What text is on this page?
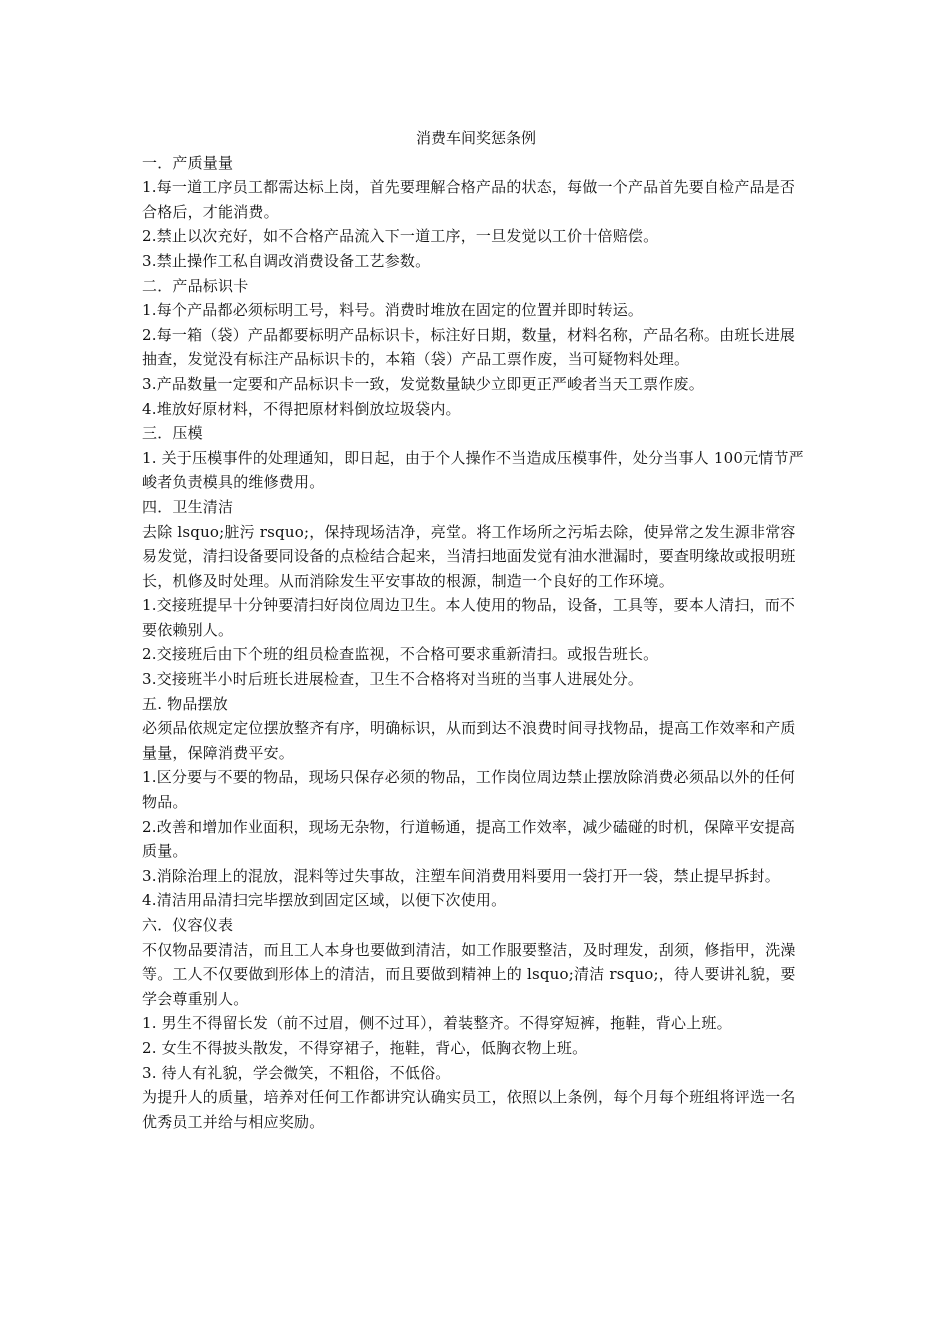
消费车间奖惩条例

一．产质量量

1.每一道工序员工都需达标上岗，首先要理解合格产品的状态，每做一个产品首先要自检产品是否合格后，才能消费。

2.禁止以次充好，如不合格产品流入下一道工序，一旦发觉以工价十倍赔偿。

3.禁止操作工私自调改消费设备工艺参数。

二．产品标识卡

1.每个产品都必须标明工号，料号。消费时堆放在固定的位置并即时转运。

2.每一箱（袋）产品都要标明产品标识卡，标注好日期，数量，材料名称，产品名称。由班长进展抽查，发觉没有标注产品标识卡的，本箱（袋）产品工票作废，当可疑物料处理。

3.产品数量一定要和产品标识卡一致，发觉数量缺少立即更正严峻者当天工票作废。

4.堆放好原材料，不得把原材料倒放垃圾袋内。

三．压模

1. 关于压模事件的处理通知，即日起，由于个人操作不当造成压模事件，处分当事人 100元情节严峻者负责模具的维修费用。

四．卫生清洁

去除 lsquo;脏污 rsquo;，保持现场洁净，亮堂。将工作场所之污垢去除，使异常之发生源非常容易发觉，清扫设备要同设备的点检结合起来，当清扫地面发觉有油水泄漏时，要查明缘故或报明班长，机修及时处理。从而消除发生平安事故的根源，制造一个良好的工作环境。

1.交接班提早十分钟要清扫好岗位周边卫生。本人使用的物品，设备，工具等，要本人清扫，而不要依赖别人。

2.交接班后由下个班的组员检查监视，不合格可要求重新清扫。或报告班长。

3.交接班半小时后班长进展检查，卫生不合格将对当班的当事人进展处分。

五. 物品摆放

必须品依规定定位摆放整齐有序，明确标识，从而到达不浪费时间寻找物品，提高工作效率和产质量量，保障消费平安。

1.区分要与不要的物品，现场只保存必须的物品，工作岗位周边禁止摆放除消费必须品以外的任何物品。

2.改善和增加作业面积，现场无杂物，行道畅通，提高工作效率，减少磕碰的时机，保障平安提高质量。

3.消除治理上的混放，混料等过失事故，注塑车间消费用料要用一袋打开一袋，禁止提早拆封。

4.清洁用品清扫完毕摆放到固定区域，以便下次使用。

六．仪容仪表

不仅物品要清洁，而且工人本身也要做到清洁，如工作服要整洁，及时理发，刮须，修指甲，洗澡等。工人不仅要做到形体上的清洁，而且要做到精神上的 lsquo;清洁 rsquo;，待人要讲礼貌，要学会尊重别人。

1. 男生不得留长发（前不过眉，侧不过耳），着装整齐。不得穿短裤，拖鞋，背心上班。

2. 女生不得披头散发，不得穿裙子，拖鞋，背心，低胸衣物上班。

3. 待人有礼貌，学会微笑，不粗俗，不低俗。

为提升人的质量，培养对任何工作都讲究认确实员工，依照以上条例，每个月每个班组将评选一名优秀员工并给与相应奖励。
